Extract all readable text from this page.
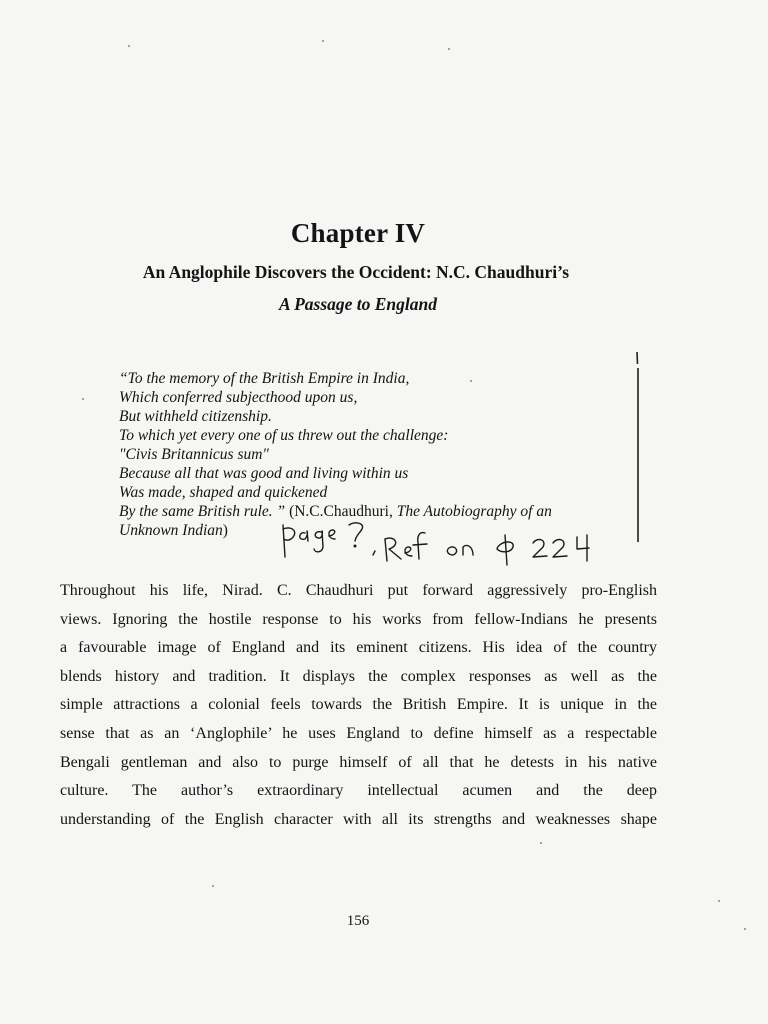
Chapter IV
An Anglophile Discovers the Occident: N.C. Chaudhuri’s
A Passage to England
“To the memory of the British Empire in India,
Which conferred subjecthood upon us,
But withheld citizenship.
To which yet every one of us threw out the challenge:
"Civis Britannicus sum"
Because all that was good and living within us
Was made, shaped and quickened
By the same British rule. ” (N.C.Chaudhuri, The Autobiography of an
Unknown Indian)
Throughout his life, Nirad. C. Chaudhuri put forward aggressively pro-English
views. Ignoring the hostile response to his works from fellow-Indians he presents
a favourable image of England and its eminent citizens. His idea of the country
blends history and tradition. It displays the complex responses as well as the
simple attractions a colonial feels towards the British Empire. It is unique in the
sense that as an ‘Anglophile’ he uses England to define himself as a respectable
Bengali gentleman and also to purge himself of all that he detests in his native
culture. The author’s extraordinary intellectual acumen and the deep
understanding of the English character with all its strengths and weaknesses shape
156
